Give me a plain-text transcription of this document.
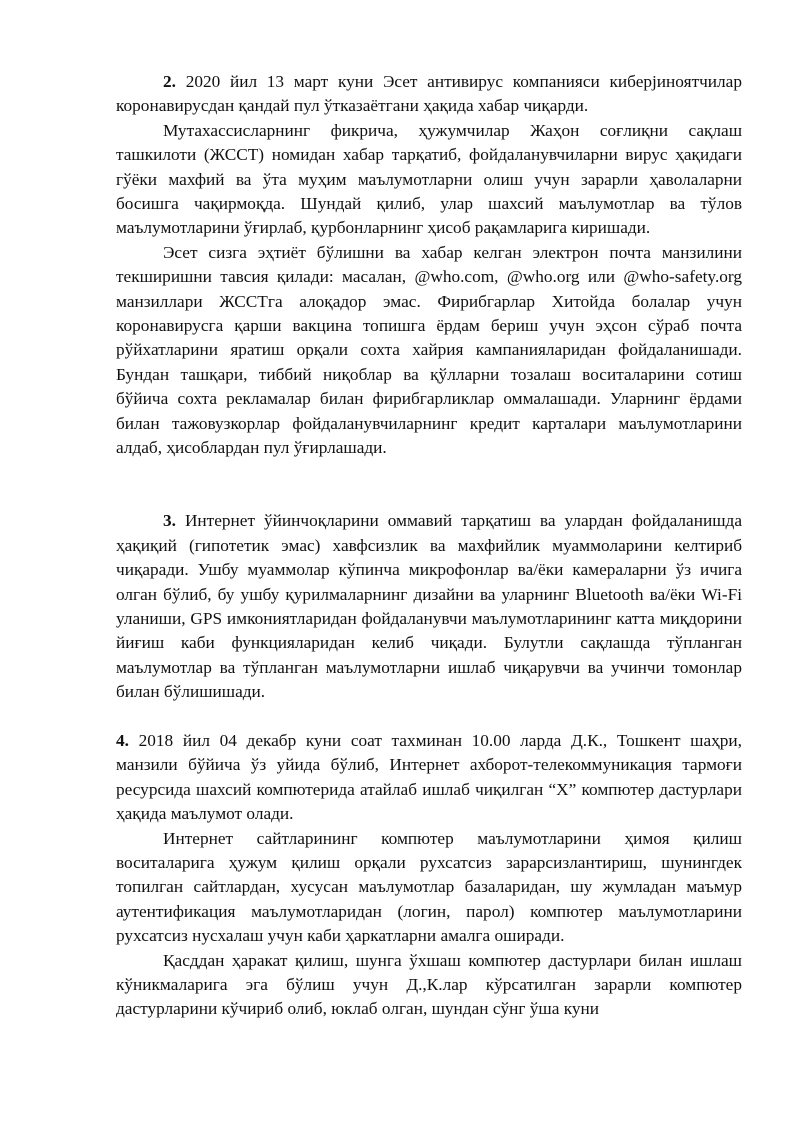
2. 2020 йил 13 март куни Эсет антивирус компанияси киберjиноятчилар коронавирусдан қандай пул ўтказаётгани ҳақида хабар чиқарди.

Мутахассисларнинг фикрича, ҳужумчилар Жаҳон соғлиқни сақлаш ташкилоти (ЖССТ) номидан хабар тарқатиб, фойдаланувчиларни вирус ҳақидаги гўёки махфий ва ўта муҳим маълумотларни олиш учун зарарли ҳаволаларни босишга чақирмоқда. Шундай қилиб, улар шахсий маълумотлар ва тўлов маълумотларини ўғирлаб, қурбонларнинг ҳисоб рақамларига киришади.

Эсет сизга эҳтиёт бўлишни ва хабар келган электрон почта манзилини текширишни тавсия қилади: масалан, @who.com, @who.org или @who-safety.org манзиллари ЖССТга алоқадор эмас. Фирибгарлар Хитойда болалар учун коронавирусга қарши вакцина топишга ёрдам бериш учун эҳсон сўраб почта рўйхатларини яратиш орқали сохта хайрия кампанияларидан фойдаланишади. Бундан ташқари, тиббий ниқоблар ва қўлларни тозалаш воситаларини сотиш бўйича сохта рекламалар билан фирибгарликлар оммалашади. Уларнинг ёрдами билан тажовузкорлар фойдаланувчиларнинг кредит карталари маълумотларини алдаб, ҳисоблардан пул ўғирлашади.

3. Интернет ўйинчоқларини оммавий тарқатиш ва улардан фойдаланишда ҳақиқий (гипотетик эмас) хавфсизлик ва махфийлик муаммоларини келтириб чиқаради. Ушбу муаммолар кўпинча микрофонлар ва/ёки камераларни ўз ичига олган бўлиб, бу ушбу қурилмаларнинг дизайни ва уларнинг Bluetooth ва/ёки Wi-Fi уланиши, GPS имкониятларидан фойдаланувчи маълумотларининг катта миқдорини йиғиш каби функцияларидан келиб чиқади. Булутли сақлашда тўпланган маълумотлар ва тўпланган маълумотларни ишлаб чиқарувчи ва учинчи томонлар билан бўлишишади.

4. 2018 йил 04 декабр куни соат тахминан 10.00 ларда Д.К., Тошкент шаҳри, манзили бўйича ўз уйида бўлиб, Интернет ахборот-телекоммуникация тармоғи ресурсида шахсий компютерида атайлаб ишлаб чиқилган “X” компютер дастурлари ҳақида маълумот олади.

Интернет сайтларининг компютер маълумотларини ҳимоя қилиш воситаларига ҳужум қилиш орқали рухсатсиз зарарсизлантириш, шунингдек топилган сайтлардан, хусусан маълумотлар базаларидан, шу жумладан маъмур аутентификация маълумотларидан (логин, парол) компютер маълумотларини рухсатсиз нусхалаш учун каби ҳаркатларни амалга оширади.

Қасддан ҳаракат қилиш, шунга ўхшаш компютер дастурлари билан ишлаш кўникмаларига эга бўлиш учун Д.,К.лар кўрсатилган зарарли компютер дастурларини кўчириб олиб, юклаб олган, шундан сўнг ўша куни
